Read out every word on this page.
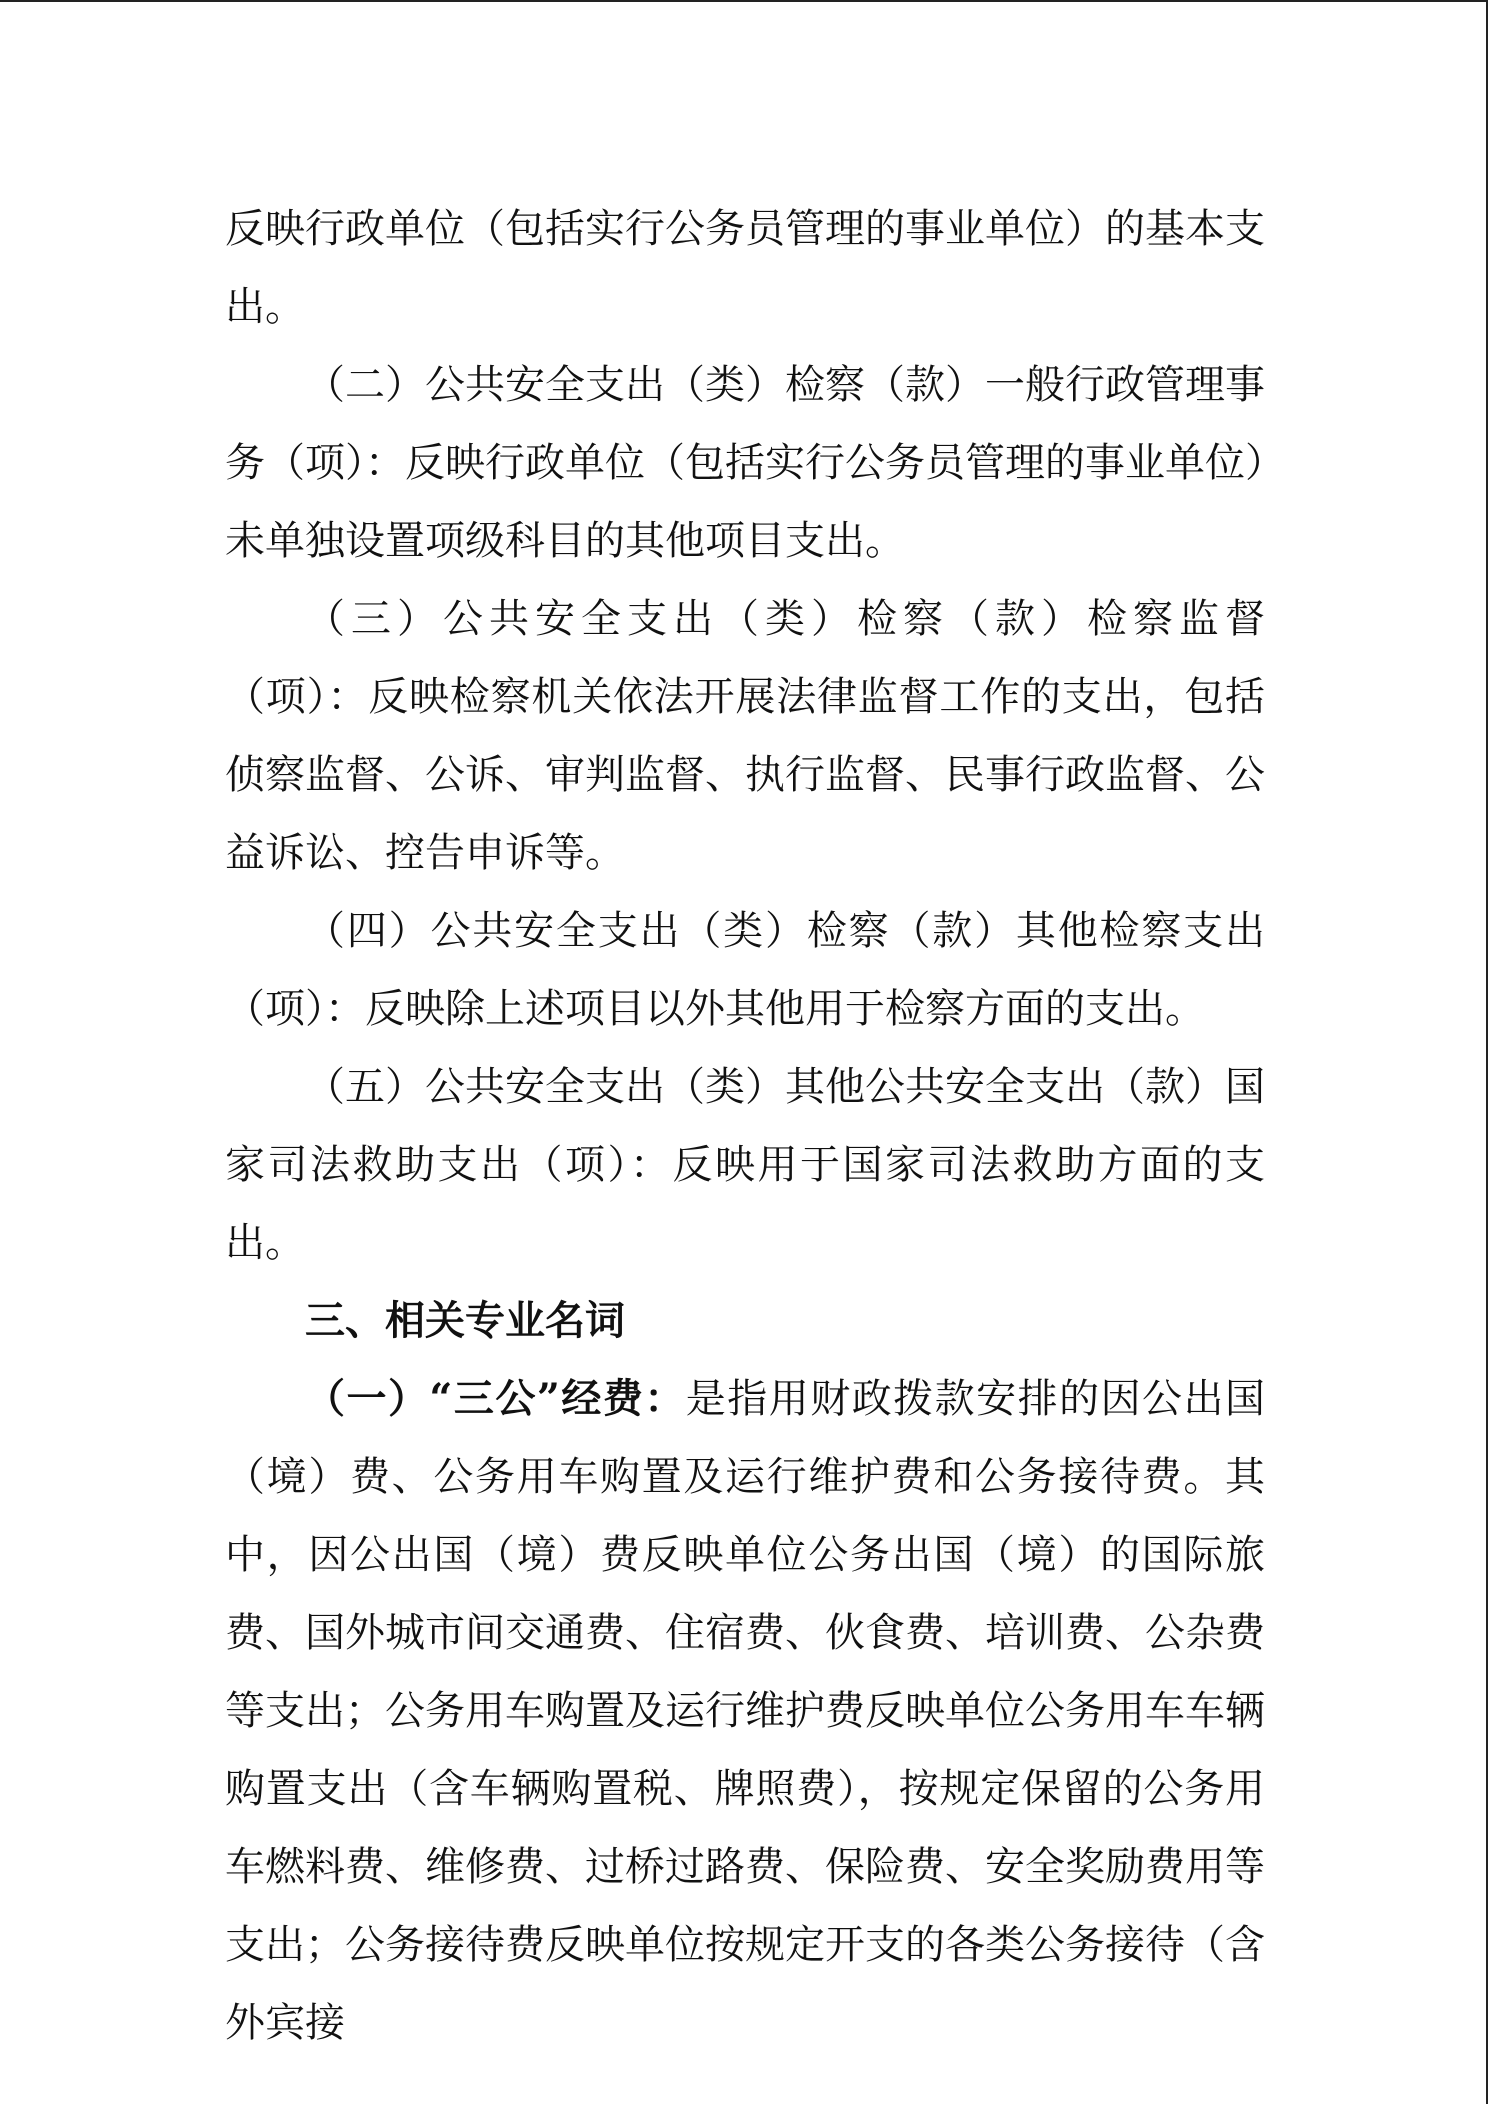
反映行政单位（包括实行公务员管理的事业单位）的基本支出。

（二）公共安全支出（类）检察（款）一般行政管理事务（项）：反映行政单位（包括实行公务员管理的事业单位）未单独设置项级科目的其他项目支出。

（三）公共安全支出（类）检察（款）检察监督（项）：反映检察机关依法开展法律监督工作的支出，包括侦察监督、公诉、审判监督、执行监督、民事行政监督、公益诉讼、控告申诉等。

（四）公共安全支出（类）检察（款）其他检察支出（项）：反映除上述项目以外其他用于检察方面的支出。

（五）公共安全支出（类）其他公共安全支出（款）国家司法救助支出（项）：反映用于国家司法救助方面的支出。

三、相关专业名词

（一）“三公”经费：是指用财政拨款安排的因公出国（境）费、公务用车购置及运行维护费和公务接待费。其中，因公出国（境）费反映单位公务出国（境）的国际旅费、国外城市间交通费、住宿费、伙食费、培训费、公杂费等支出；公务用车购置及运行维护费反映单位公务用车车辆购置支出（含车辆购置税、牌照费），按规定保留的公务用车燃料费、维修费、过桥过路费、保险费、安全奖励费用等支出；公务接待费反映单位按规定开支的各类公务接待（含外宾接
